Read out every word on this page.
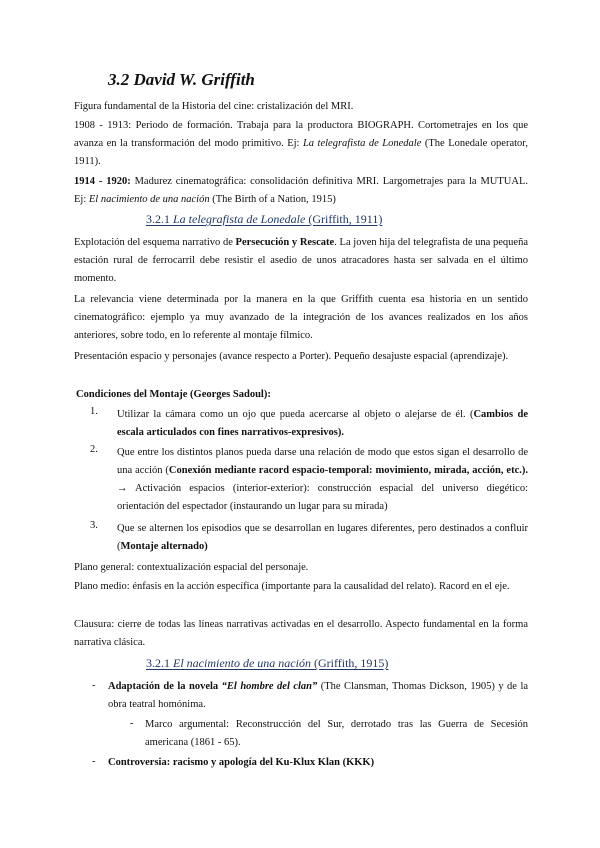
3.2 David W. Griffith

Figura fundamental de la Historia del cine: cristalización del MRI.

1908 - 1913: Periodo de formación. Trabaja para la productora BIOGRAPH. Cortometrajes en los que avanza en la transformación del modo primitivo. Ej: La telegrafista de Lonedale (The Lonedale operator, 1911).

1914 - 1920: Madurez cinematográfica: consolidación definitiva MRI. Largometrajes para la MUTUAL. Ej: El nacimiento de una nación (The Birth of a Nation, 1915)

3.2.1 La telegrafista de Lonedale (Griffith, 1911)

Explotación del esquema narrativo de Persecución y Rescate. La joven hija del telegrafista de una pequeña estación rural de ferrocarril debe resistir el asedio de unos atracadores hasta ser salvada en el último momento.

La relevancia viene determinada por la manera en la que Griffith cuenta esa historia en un sentido cinematográfico: ejemplo ya muy avanzado de la integración de los avances realizados en los años anteriores, sobre todo, en lo referente al montaje fílmico.

Presentación espacio y personajes (avance respecto a Porter). Pequeño desajuste espacial (aprendizaje).

Condiciones del Montaje (Georges Sadoul):

1. Utilizar la cámara como un ojo que pueda acercarse al objeto o alejarse de él. (Cambios de escala articulados con fines narrativos-expresivos).

2. Que entre los distintos planos pueda darse una relación de modo que estos sigan el desarrollo de una acción (Conexión mediante racord espacio-temporal: movimiento, mirada, acción, etc.). → Activación espacios (interior-exterior): construcción espacial del universo diegético: orientación del espectador (instaurando un lugar para su mirada)

3. Que se alternen los episodios que se desarrollan en lugares diferentes, pero destinados a confluir (Montaje alternado)

Plano general: contextualización espacial del personaje.

Plano medio: énfasis en la acción específica (importante para la causalidad del relato). Racord en el eje.

Clausura: cierre de todas las líneas narrativas activadas en el desarrollo. Aspecto fundamental en la forma narrativa clásica.

3.2.1 El nacimiento de una nación (Griffith, 1915)
- Adaptación de la novela “El hombre del clan” (The Clansman, Thomas Dickson, 1905) y de la obra teatral homónima.

- Marco argumental: Reconstrucción del Sur, derrotado tras las Guerra de Secesión americana (1861 - 65).

- Controversia: racismo y apología del Ku-Klux Klan (KKK)
